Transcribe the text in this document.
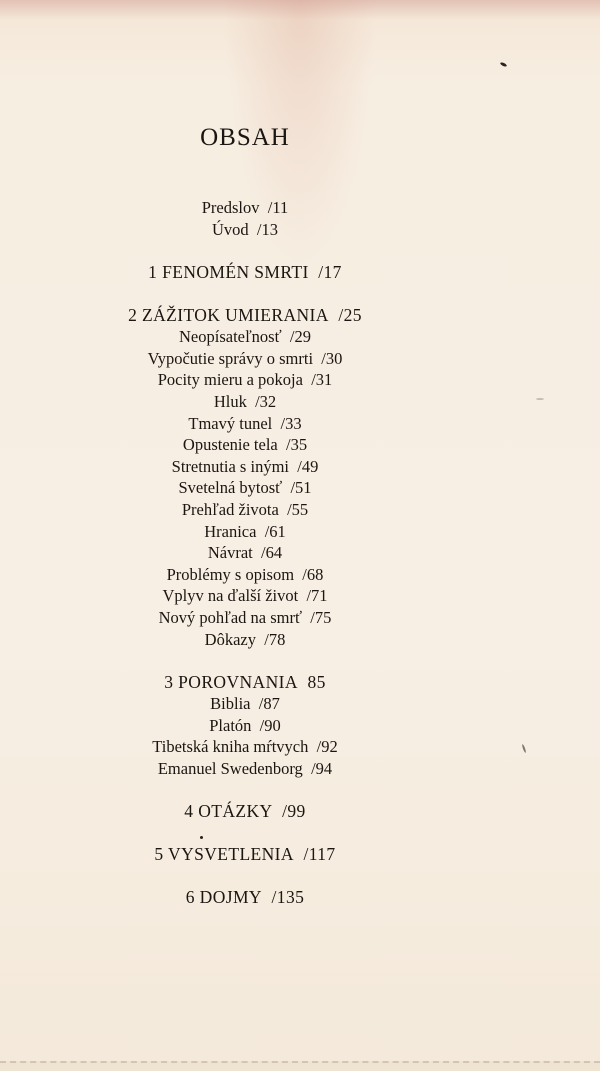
OBSAH
Predslov /11
Úvod /13
1 FENOMÉN SMRTI /17
2 ZÁŽITOK UMIERANIA /25
Neopísateľnosť /29
Vypočutie správy o smrti /30
Pocity mieru a pokoja /31
Hluk /32
Tmavý tunel /33
Opustenie tela /35
Stretnutia s inými /49
Svetelná bytosť /51
Prehľad života /55
Hranica /61
Návrat /64
Problémy s opisom /68
Vplyv na ďalší život /71
Nový pohľad na smrť /75
Dôkazy /78
3 POROVNANIA 85
Biblia /87
Platón /90
Tibetská kniha mŕtvych /92
Emanuel Swedenborg /94
4 OTÁZKY /99
5 VYSVETLENIA /117
6 DOJMY /135
